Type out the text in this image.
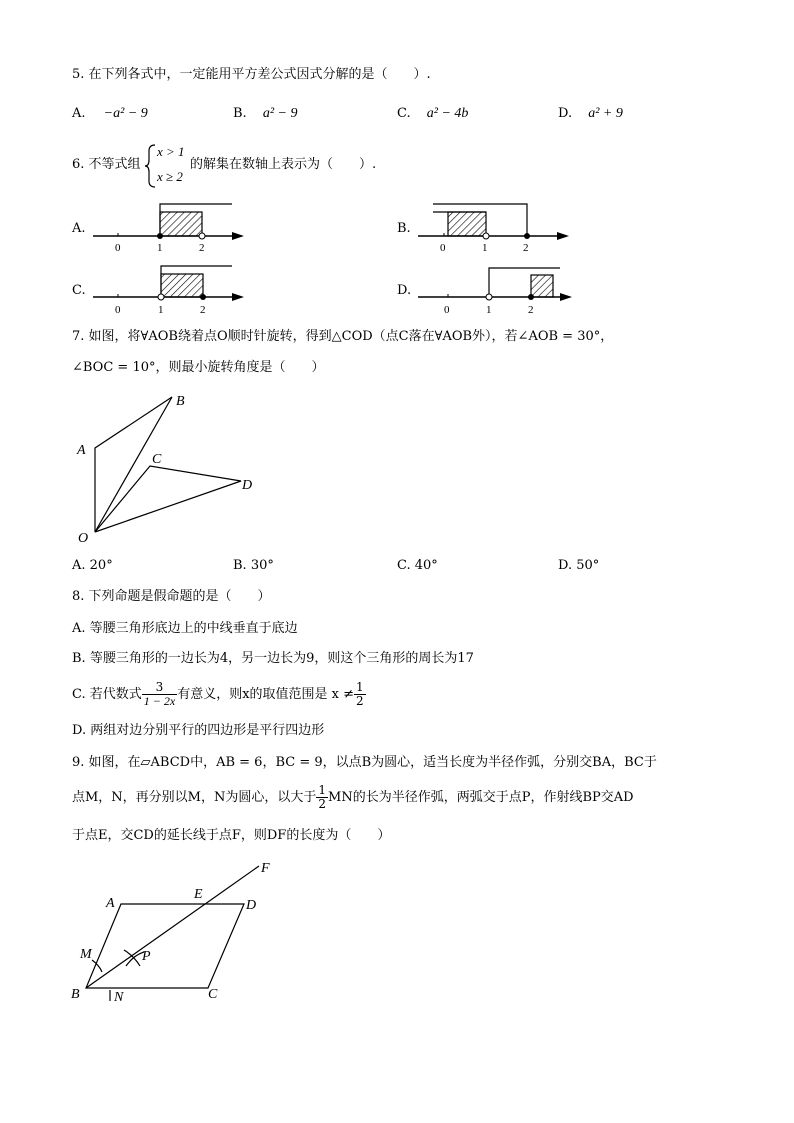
5. 在下列各式中，一定能用平方差公式因式分解的是（　　）.
A. −a² − 9	B. a² − 9	C. a² − 4b	D. a² + 9
6. 不等式组
x > 1
x ≥ 2
的解集在数轴上表示为（　　）.
A.	B.
C.	D.
0	1	2	0	1	2
0	1	2	0	1	2
7. 如图，将∀AOB绕着点O顺时针旋转，得到△COD（点C落在∀AOB外），若∠AOB = 30°，
∠BOC = 10°，则最小旋转角度是（　　）
B
A
C
D
O
A. 20°	B. 30°	C. 40°	D. 50°
8. 下列命题是假命题的是（　　）
A. 等腰三角形底边上的中线垂直于底边
B. 等腰三角形的一边长为4，另一边长为9，则这个三角形的周长为17
C. 若代数式 $\frac{3}{1 - 2x}$ 有意义，则x的取值范围是 $x \ne \frac{1}{2}$
D. 两组对边分别平行的四边形是平行四边形
9. 如图，在▱ABCD中，AB = 6，BC = 9，以点B为圆心，适当长度为半径作弧，分别交BA，BC于
点M，N，再分别以M，N为圆心，以大于 $\frac{1}{2}$ MN的长为半径作弧，两弧交于点P，作射线BP交AD
于点E，交CD的延长线于点F，则DF的长度为（　　）
A
E
F
D
M	P
B N	C
